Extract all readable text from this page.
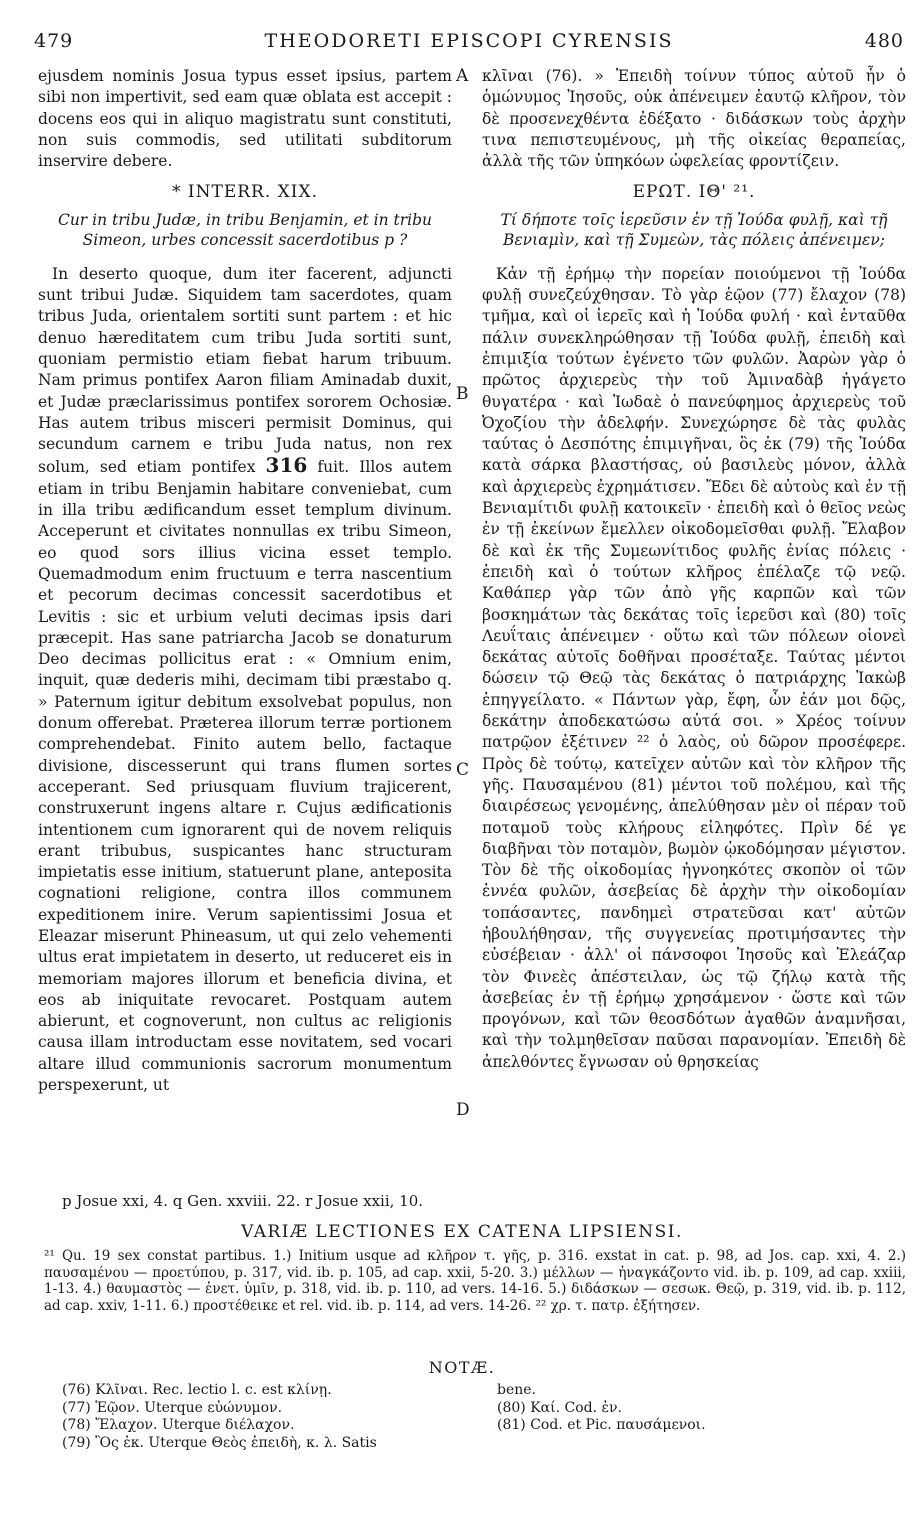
479	THEODORETI EPISCOPI CYRENSIS	480

ejusdem nominis Josua typus esset ipsius, partem sibi non impertivit, sed eam quæ oblata est accepit : docens eos qui in aliquo magistratu sunt constituti, non suis commodis, sed utilitati subditorum inservire debere.

* INTERR. XIX.

Cur in tribu Judæ, in tribu Benjamin, et in tribu Simeon, urbes concessit sacerdotibus p ?

In deserto quoque, dum iter facerent, adjuncti sunt tribui Judæ. Siquidem tam sacerdotes, quam tribus Juda, orientalem sortiti sunt partem : et hic denuo hæreditatem cum tribu Juda sortiti sunt, quoniam permistio etiam fiebat harum tribuum. Nam primus pontifex Aaron filiam Aminadab duxit, et Judæ præclarissimus pontifex sororem Ochosiæ. Has autem tribus misceri permisit Dominus, qui secundum carnem e tribu Juda natus, non rex solum, sed etiam pontifex 316 fuit. Illos autem etiam in tribu Benjamin habitare conveniebat, cum in illa tribu ædificandum esset templum divinum. Acceperunt et civitates nonnullas ex tribu Simeon, eo quod sors illius vicina esset templo. Quemadmodum enim fructuum e terra nascentium et pecorum decimas concessit sacerdotibus et Levitis : sic et urbium veluti decimas ipsis dari præcepit. Has sane patriarcha Jacob se donaturum Deo decimas pollicitus erat : « Omnium enim, inquit, quæ dederis mihi, decimam tibi præstabo q. » Paternum igitur debitum exsolvebat populus, non donum offerebat. Præterea illorum terræ portionem comprehendebat. Finito autem bello, factaque divisione, discesserunt qui trans flumen sortes acceperant. Sed priusquam fluvium trajicerent, construxerunt ingens altare r. Cujus ædificationis intentionem cum ignorarent qui de novem reliquis erant tribubus, suspicantes hanc structuram impietatis esse initium, statuerunt plane, anteposita cognationi religione, contra illos communem expeditionem inire. Verum sapientissimi Josua et Eleazar miserunt Phineasum, ut qui zelo vehementi ultus erat impietatem in deserto, ut reduceret eis in memoriam majores illorum et beneficia divina, et eos ab iniquitate revocaret. Postquam autem abierunt, et cognoverunt, non cultus ac religionis causa illam introductam esse novitatem, sed vocari altare illud communionis sacrorum monumentum perspexerunt, ut

A
B
C
D

κλῖναι (76). » Ἐπειδὴ τοίνυν τύπος αὐτοῦ ἦν ὁ ὁμώνυμος Ἰησοῦς, οὐκ ἀπένειμεν ἑαυτῷ κλῆρον, τὸν δὲ προσενεχθέντα ἐδέξατο · διδάσκων τοὺς ἀρχὴν τινα πεπιστευμένους, μὴ τῆς οἰκείας θεραπείας, ἀλλὰ τῆς τῶν ὑπηκόων ὠφελείας φροντίζειν.

ΕΡΩΤ. ΙΘ' ²¹.

Τί δήποτε τοῖς ἱερεῦσιν ἐν τῇ Ἰούδα φυλῇ, καὶ τῇ Βενιαμὶν, καὶ τῇ Συμεὼν, τὰς πόλεις ἀπένειμεν;

Κἀν τῇ ἐρήμῳ τὴν πορείαν ποιούμενοι τῇ Ἰούδα φυλῇ συνεζεύχθησαν. Τὸ γὰρ ἑῷον (77) ἔλαχον (78) τμῆμα, καὶ οἱ ἱερεῖς καὶ ἡ Ἰούδα φυλή · καὶ ἐνταῦθα πάλιν συνεκληρώθησαν τῇ Ἰούδα φυλῇ, ἐπειδὴ καὶ ἐπιμιξία τούτων ἐγένετο τῶν φυλῶν. Ἀαρὼν γὰρ ὁ πρῶτος ἀρχιερεὺς τὴν τοῦ Ἀμιναδὰβ ἠγάγετο θυγατέρα · καὶ Ἰωδαὲ ὁ πανεύφημος ἀρχιερεὺς τοῦ Ὀχοζίου τὴν ἀδελφήν. Συνεχώρησε δὲ τὰς φυλὰς ταύτας ὁ Δεσπότης ἐπιμιγῆναι, ὃς ἐκ (79) τῆς Ἰούδα κατὰ σάρκα βλαστήσας, οὐ βασιλεὺς μόνον, ἀλλὰ καὶ ἀρχιερεὺς ἐχρημάτισεν. Ἔδει δὲ αὐτοὺς καὶ ἐν τῇ Βενιαμίτιδι φυλῇ κατοικεῖν · ἐπειδὴ καὶ ὁ θεῖος νεὼς ἐν τῇ ἐκείνων ἔμελλεν οἰκοδομεῖσθαι φυλῇ. Ἔλαβον δὲ καὶ ἐκ τῆς Συμεωνίτιδος φυλῆς ἐνίας πόλεις · ἐπειδὴ καὶ ὁ τούτων κλῆρος ἐπέλαζε τῷ νεῷ. Καθάπερ γὰρ τῶν ἀπὸ γῆς καρπῶν καὶ τῶν βοσκημάτων τὰς δεκάτας τοῖς ἱερεῦσι καὶ (80) τοῖς Λευΐταις ἀπένειμεν · οὕτω καὶ τῶν πόλεων οἱονεὶ δεκάτας αὐτοῖς δοθῆναι προσέταξε. Ταύτας μέντοι δώσειν τῷ Θεῷ τὰς δεκάτας ὁ πατριάρχης Ἰακὼβ ἐπηγγείλατο. « Πάντων γὰρ, ἔφη, ὧν ἐάν μοι δῷς, δεκάτην ἀποδεκατώσω αὐτά σοι. » Χρέος τοίνυν πατρῷον ἐξέτινεν ²² ὁ λαὸς, οὐ δῶρον προσέφερε. Πρὸς δὲ τούτῳ, κατεῖχεν αὐτῶν καὶ τὸν κλῆρον τῆς γῆς. Παυσαμένου (81) μέντοι τοῦ πολέμου, καὶ τῆς διαιρέσεως γενομένης, ἀπελύθησαν μὲν οἱ πέραν τοῦ ποταμοῦ τοὺς κλήρους εἰληφότες. Πρὶν δέ γε διαβῆναι τὸν ποταμὸν, βωμὸν ᾠκοδόμησαν μέγιστον. Τὸν δὲ τῆς οἰκοδομίας ἠγνοηκότες σκοπὸν οἱ τῶν ἐννέα φυλῶν, ἀσεβείας δὲ ἀρχὴν τὴν οἰκοδομίαν τοπάσαντες, πανδημεὶ στρατεῦσαι κατ' αὐτῶν ἠβουλήθησαν, τῆς συγγενείας προτιμήσαντες τὴν εὐσέβειαν · ἀλλ' οἱ πάνσοφοι Ἰησοῦς καὶ Ἐλεάζαρ τὸν Φινεὲς ἀπέστειλαν, ὡς τῷ ζήλῳ κατὰ τῆς ἀσεβείας ἐν τῇ ἐρήμῳ χρησάμενον · ὥστε καὶ τῶν προγόνων, καὶ τῶν θεοσδότων ἀγαθῶν ἀναμνῆσαι, καὶ τὴν τολμηθεῖσαν παῦσαι παρανομίαν. Ἐπειδὴ δὲ ἀπελθόντες ἔγνωσαν οὐ θρησκείας

p Josue xxi, 4. q Gen. xxviii. 22. r Josue xxii, 10.
VARIÆ LECTIONES EX CATENA LIPSIENSI.

²¹ Qu. 19 sex constat partibus. 1.) Initium usque ad κλῆρον τ. γῆς, p. 316. exstat in cat. p. 98, ad Jos. cap. xxi, 4. 2.) παυσαμένου — προετύπου, p. 317, vid. ib. p. 105, ad cap. xxii, 5-20. 3.) μέλλων — ἠναγκάζοντο vid. ib. p. 109, ad cap. xxiii, 1-13. 4.) θαυμαστὸς — ἐνετ. ὑμῖν, p. 318, vid. ib. p. 110, ad vers. 14-16. 5.) διδάσκων — σεσωκ. Θεῷ, p. 319, vid. ib. p. 112, ad cap. xxiv, 1-11. 6.) προστέθεικε et rel. vid. ib. p. 114, ad vers. 14-26. ²² χρ. τ. πατρ. ἐξήτησεν.

NOTÆ.

(76) Κλῖναι. Rec. lectio l. c. est κλίνῃ.

(77) Ἑῷον. Uterque εὐώνυμον.

(78) Ἔλαχον. Uterque διέλαχον.

(79) Ὃς ἐκ. Uterque Θεὸς ἐπειδὴ, κ. λ. Satis

bene.

(80) Καί. Cod. ἐν.

(81) Cod. et Pic. παυσάμενοι.
